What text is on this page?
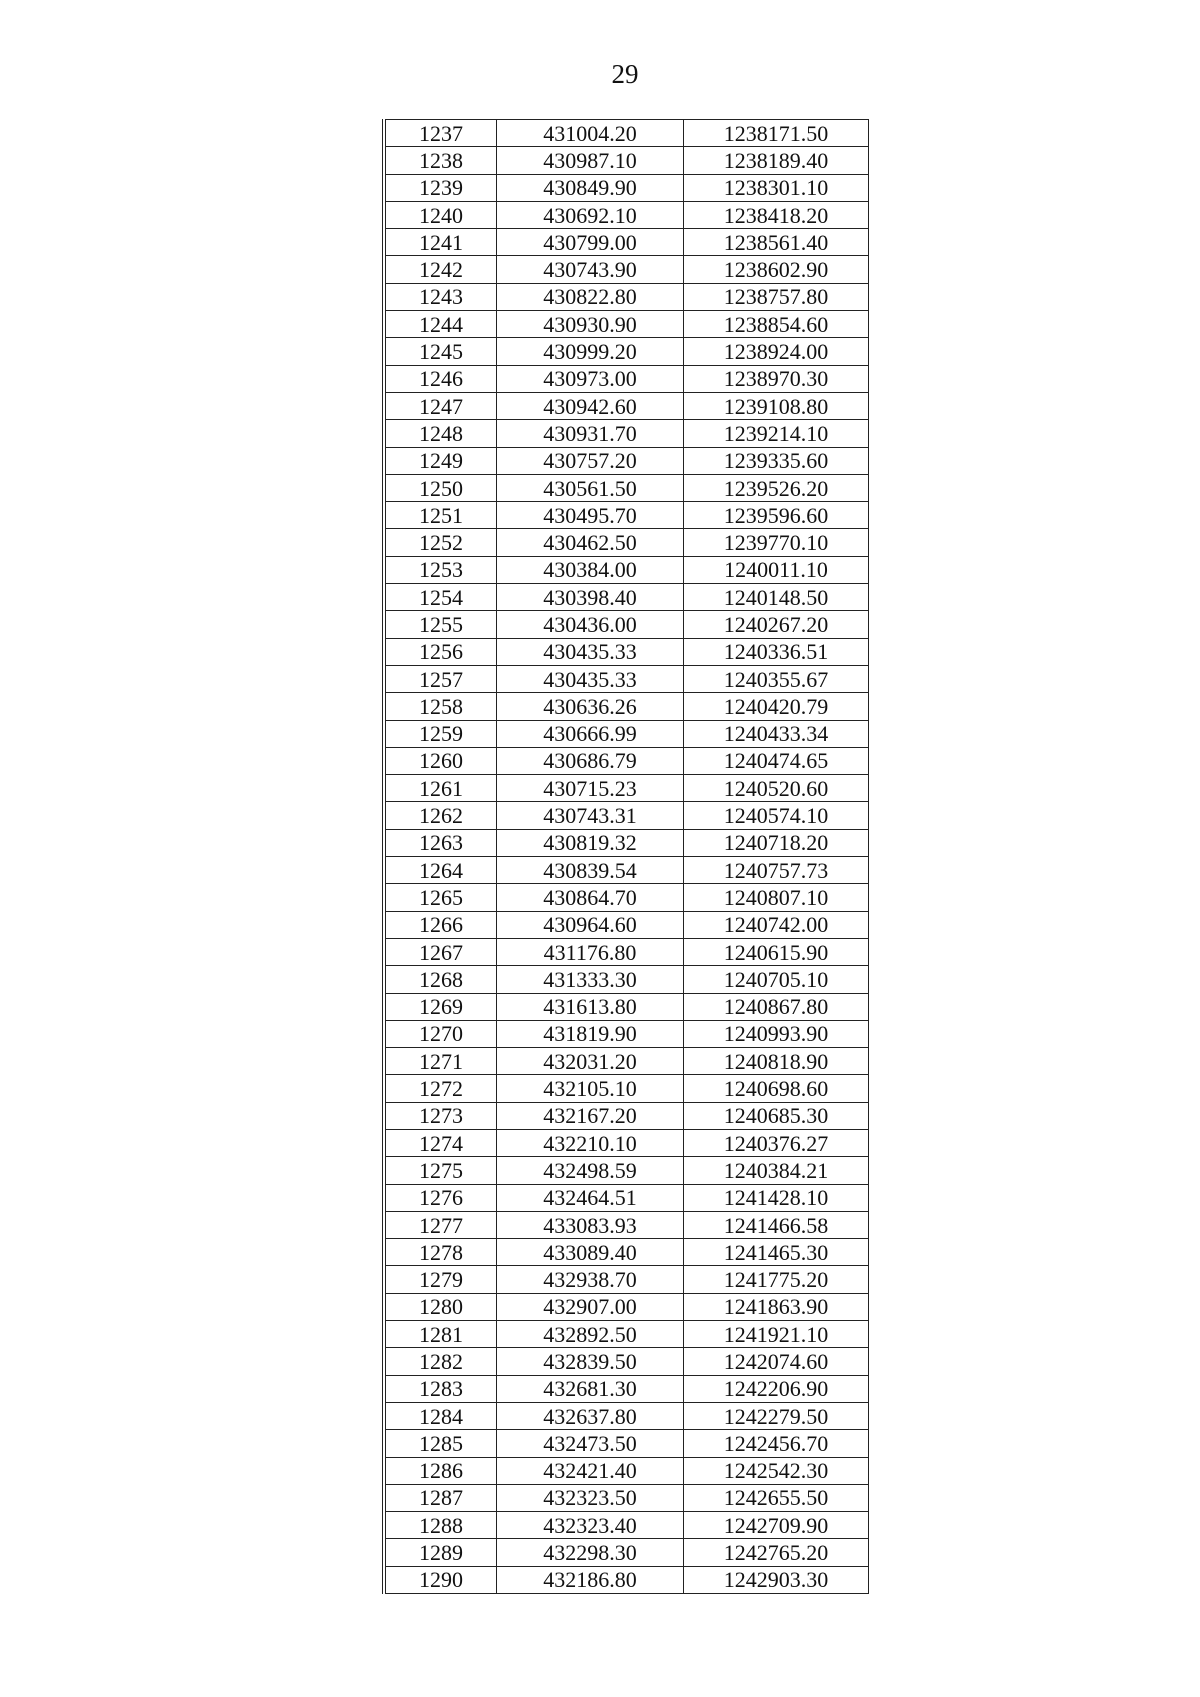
29
1237	431004.20	1238171.50
1238	430987.10	1238189.40
1239	430849.90	1238301.10
1240	430692.10	1238418.20
1241	430799.00	1238561.40
1242	430743.90	1238602.90
1243	430822.80	1238757.80
1244	430930.90	1238854.60
1245	430999.20	1238924.00
1246	430973.00	1238970.30
1247	430942.60	1239108.80
1248	430931.70	1239214.10
1249	430757.20	1239335.60
1250	430561.50	1239526.20
1251	430495.70	1239596.60
1252	430462.50	1239770.10
1253	430384.00	1240011.10
1254	430398.40	1240148.50
1255	430436.00	1240267.20
1256	430435.33	1240336.51
1257	430435.33	1240355.67
1258	430636.26	1240420.79
1259	430666.99	1240433.34
1260	430686.79	1240474.65
1261	430715.23	1240520.60
1262	430743.31	1240574.10
1263	430819.32	1240718.20
1264	430839.54	1240757.73
1265	430864.70	1240807.10
1266	430964.60	1240742.00
1267	431176.80	1240615.90
1268	431333.30	1240705.10
1269	431613.80	1240867.80
1270	431819.90	1240993.90
1271	432031.20	1240818.90
1272	432105.10	1240698.60
1273	432167.20	1240685.30
1274	432210.10	1240376.27
1275	432498.59	1240384.21
1276	432464.51	1241428.10
1277	433083.93	1241466.58
1278	433089.40	1241465.30
1279	432938.70	1241775.20
1280	432907.00	1241863.90
1281	432892.50	1241921.10
1282	432839.50	1242074.60
1283	432681.30	1242206.90
1284	432637.80	1242279.50
1285	432473.50	1242456.70
1286	432421.40	1242542.30
1287	432323.50	1242655.50
1288	432323.40	1242709.90
1289	432298.30	1242765.20
1290	432186.80	1242903.30
